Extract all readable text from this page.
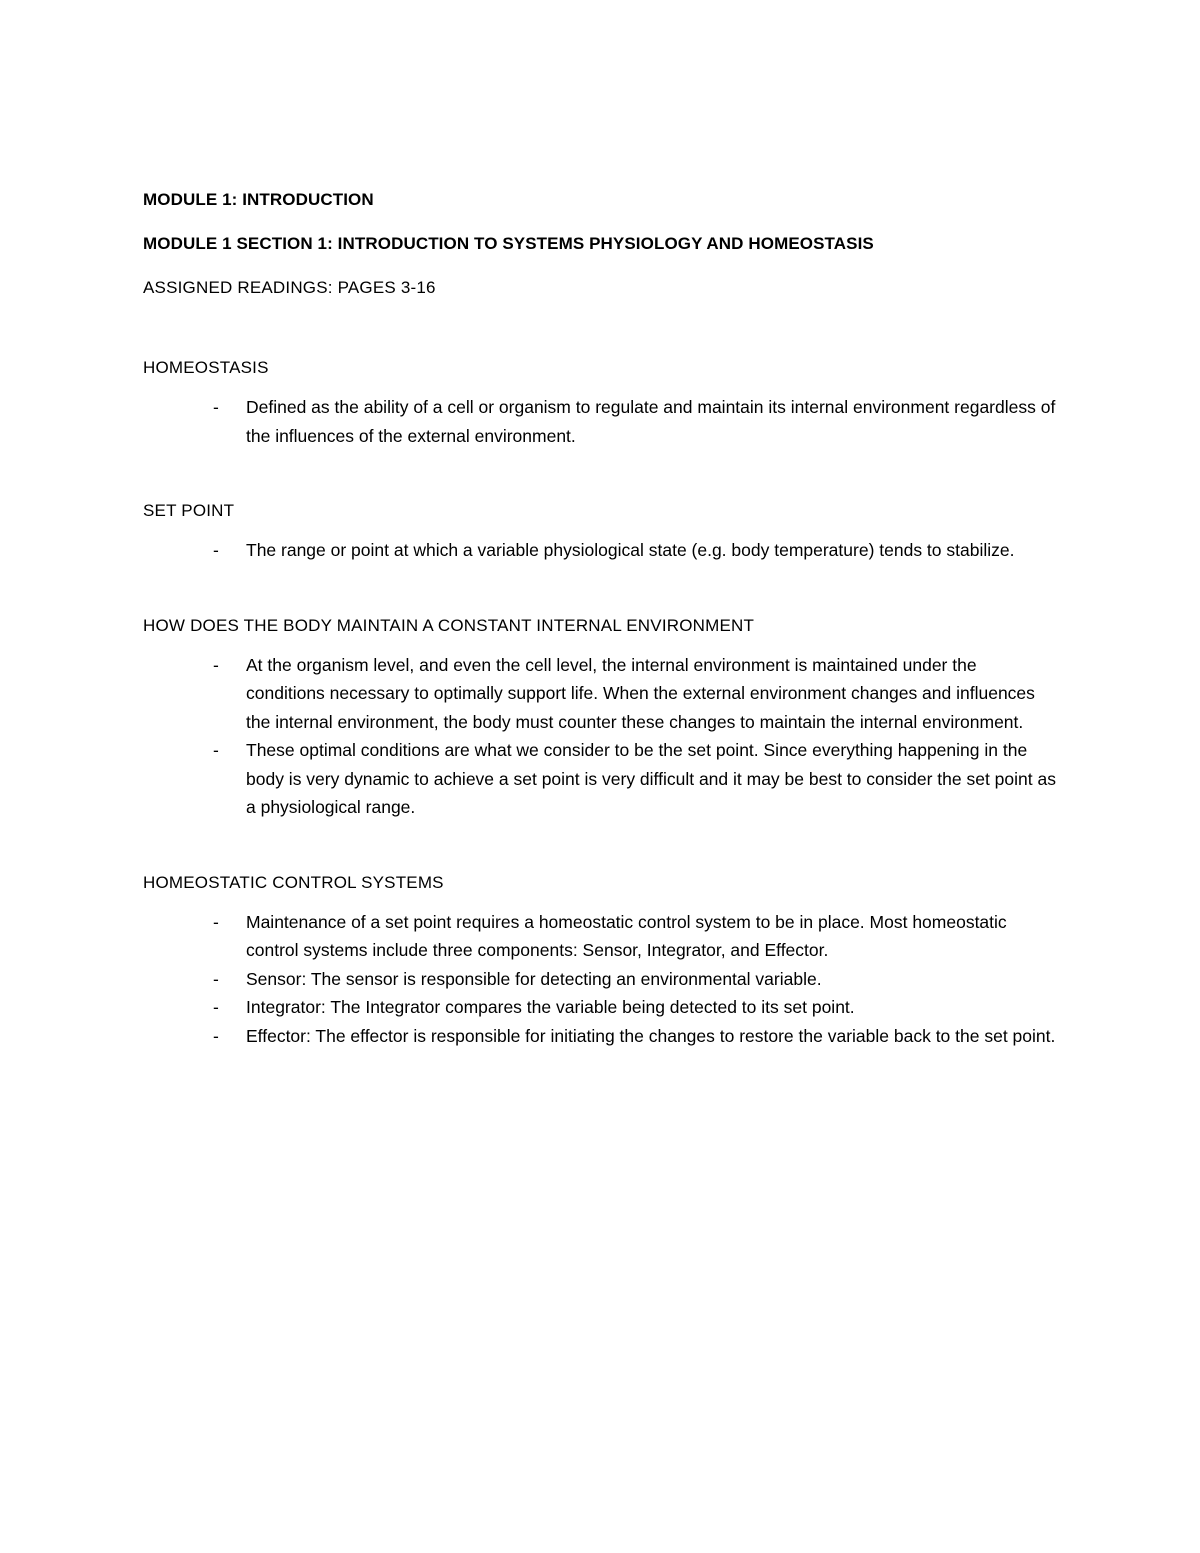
MODULE 1: INTRODUCTION
MODULE 1 SECTION 1: INTRODUCTION TO SYSTEMS PHYSIOLOGY AND HOMEOSTASIS
ASSIGNED READINGS: PAGES 3-16
HOMEOSTASIS
- Defined as the ability of a cell or organism to regulate and maintain its internal environment regardless of the influences of the external environment.
SET POINT
- The range or point at which a variable physiological state (e.g. body temperature) tends to stabilize.
HOW DOES THE BODY MAINTAIN A CONSTANT INTERNAL ENVIRONMENT
- At the organism level, and even the cell level, the internal environment is maintained under the conditions necessary to optimally support life. When the external environment changes and influences the internal environment, the body must counter these changes to maintain the internal environment.
- These optimal conditions are what we consider to be the set point. Since everything happening in the body is very dynamic to achieve a set point is very difficult and it may be best to consider the set point as a physiological range.
HOMEOSTATIC CONTROL SYSTEMS
- Maintenance of a set point requires a homeostatic control system to be in place. Most homeostatic control systems include three components: Sensor, Integrator, and Effector.
- Sensor: The sensor is responsible for detecting an environmental variable.
- Integrator: The Integrator compares the variable being detected to its set point.
- Effector: The effector is responsible for initiating the changes to restore the variable back to the set point.
